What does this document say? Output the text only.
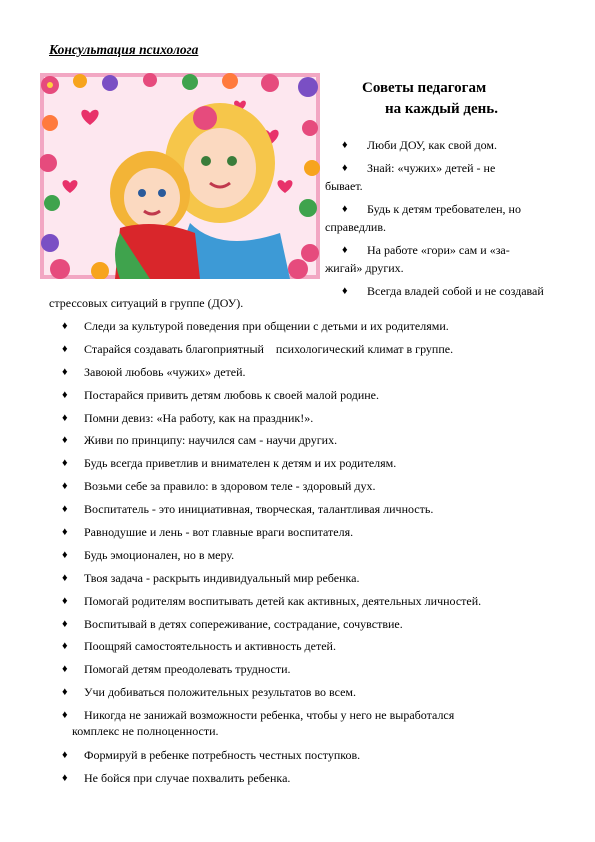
Консультация психолога
Советы педагогам
на каждый день.
♦	Люби ДОУ, как свой дом.
♦	Знай: «чужих» детей - не
бывает.
♦	Будь к детям требователен, но
справедлив.
♦	На работе «гори» сам и «за-
жигай» других.
♦	Всегда владей собой и не создавай
стрессовых ситуаций в группе (ДОУ).
♦ Следи за культурой поведения при общении с детьми и их родителями.
♦ Старайся создавать благоприятный    психологический климат в группе.
♦ Завоюй любовь «чужих» детей.
♦ Постарайся привить детям любовь к своей малой родине.
♦ Помни девиз: «На работу, как на праздник!».
♦ Живи по принципу: научился сам - научи других.
♦ Будь всегда приветлив и внимателен к детям и их родителям.
♦ Возьми себе за правило: в здоровом теле - здоровый дух.
♦ Воспитатель - это инициативная, творческая, талантливая личность.
♦ Равнодушие и лень - вот главные враги воспитателя.
♦ Будь эмоционален, но в меру.
♦ Твоя задача - раскрыть индивидуальный мир ребенка.
♦ Помогай родителям воспитывать детей как активных, деятельных личностей.
♦ Воспитывай в детях сопереживание, сострадание, сочувствие.
♦ Поощряй самостоятельность и активность детей.
♦ Помогай детям преодолевать трудности.
♦ Учи добиваться положительных результатов во всем.
♦ Никогда не занижай возможности ребенка, чтобы у него не выработался
комплекс не полноценности.
♦ Формируй в ребенке потребность честных поступков.
♦ Не бойся при случае похвалить ребенка.
